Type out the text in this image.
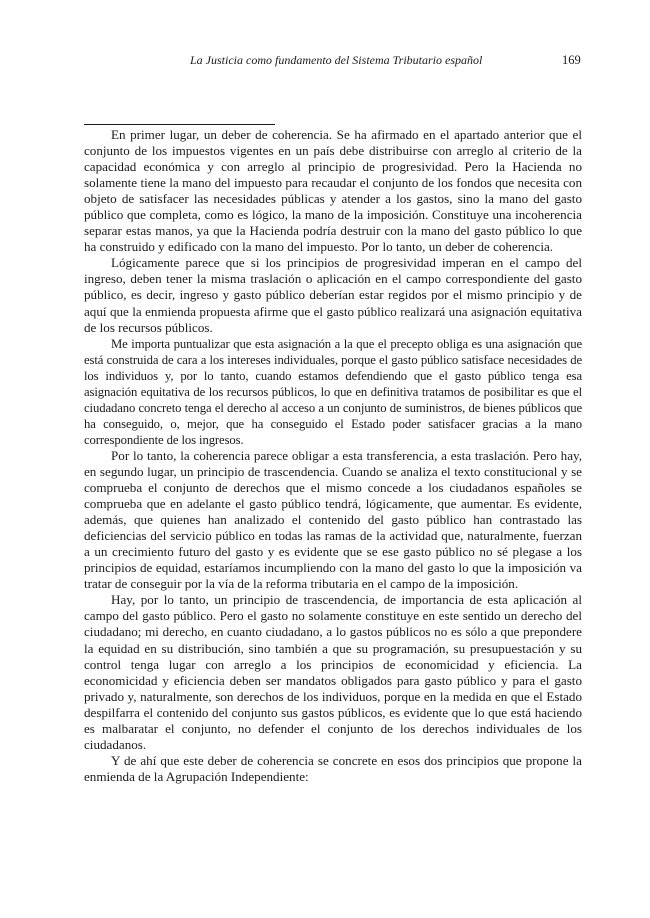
La Justicia como fundamento del Sistema Tributario español	169

En primer lugar, un deber de coherencia. Se ha afirmado en el apartado anterior que el conjunto de los impuestos vigentes en un país debe distribuirse con arreglo al criterio de la capacidad económica y con arreglo al principio de progresividad. Pero la Hacienda no solamente tiene la mano del impuesto para recaudar el conjunto de los fondos que necesita con objeto de satisfacer las necesidades públicas y atender a los gastos, sino la mano del gasto público que completa, como es lógico, la mano de la imposición. Constituye una incoherencia separar estas manos, ya que la Hacienda podría destruir con la mano del gasto público lo que ha construido y edificado con la mano del impuesto. Por lo tanto, un deber de coherencia.

Lógicamente parece que si los principios de progresividad imperan en el campo del ingreso, deben tener la misma traslación o aplicación en el campo correspondiente del gasto público, es decir, ingreso y gasto público deberían estar regidos por el mismo principio y de aquí que la enmienda propuesta afirme que el gasto público realizará una asignación equitativa de los recursos públicos.

Me importa puntualizar que esta asignación a la que el precepto obliga es una asignación que está construida de cara a los intereses individuales, porque el gasto público satisface necesidades de los individuos y, por lo tanto, cuando estamos defendiendo que el gasto público tenga esa asignación equitativa de los recursos públicos, lo que en definitiva tratamos de posibilitar es que el ciudadano concreto tenga el derecho al acceso a un conjunto de suministros, de bienes públicos que ha conseguido, o, mejor, que ha conseguido el Estado poder satisfacer gracias a la mano correspondiente de los ingresos.

Por lo tanto, la coherencia parece obligar a esta transferencia, a esta traslación. Pero hay, en segundo lugar, un principio de trascendencia. Cuando se analiza el texto constitucional y se comprueba el conjunto de derechos que el mismo concede a los ciudadanos españoles se comprueba que en adelante el gasto público tendrá, lógicamente, que aumentar. Es evidente, además, que quienes han analizado el contenido del gasto público han contrastado las deficiencias del servicio público en todas las ramas de la actividad que, naturalmente, fuerzan a un crecimiento futuro del gasto y es evidente que se ese gasto público no sé plegase a los principios de equidad, estaríamos incumpliendo con la mano del gasto lo que la imposición va tratar de conseguir por la vía de la reforma tributaria en el campo de la imposición.

Hay, por lo tanto, un principio de trascendencia, de importancia de esta aplicación al campo del gasto público. Pero el gasto no solamente constituye en este sentido un derecho del ciudadano; mi derecho, en cuanto ciudadano, a lo gastos públicos no es sólo a que prepondere la equidad en su distribución, sino también a que su programación, su presupuestación y su control tenga lugar con arreglo a los principios de economicidad y eficiencia. La economicidad y eficiencia deben ser mandatos obligados para gasto público y para el gasto privado y, naturalmente, son derechos de los individuos, porque en la medida en que el Estado despilfarra el contenido del conjunto sus gastos públicos, es evidente que lo que está haciendo es malbaratar el conjunto, no defender el conjunto de los derechos individuales de los ciudadanos.

Y de ahí que este deber de coherencia se concrete en esos dos principios que propone la enmienda de la Agrupación Independiente:
